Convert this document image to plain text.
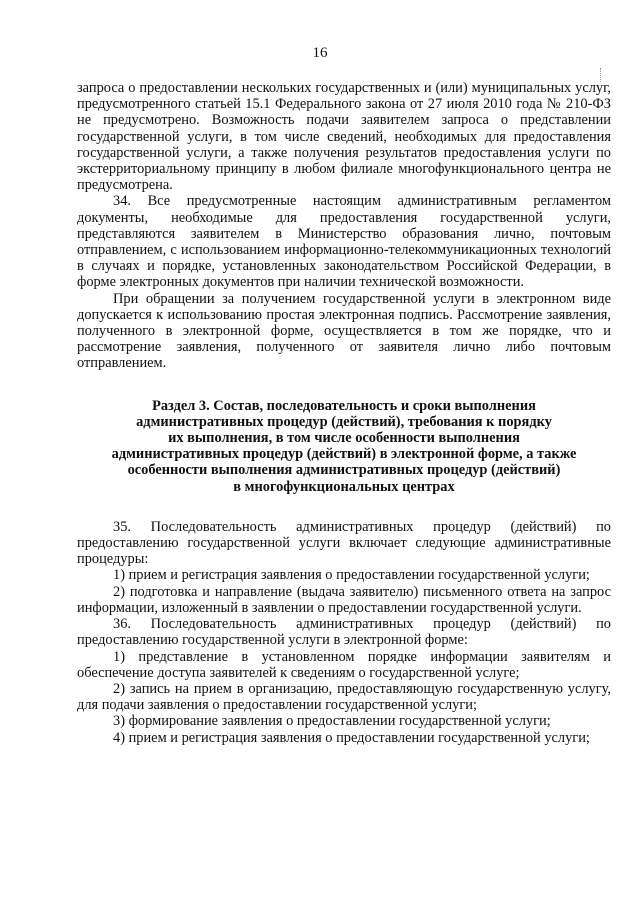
16

запроса о предоставлении нескольких государственных и (или) муниципальных услуг, предусмотренного статьей 15.1 Федерального закона от 27 июля 2010 года № 210-ФЗ не предусмотрено. Возможность подачи заявителем запроса о представлении государственной услуги, в том числе сведений, необходимых для предоставления государственной услуги, а также получения результатов предоставления услуги по экстерриториальному принципу в любом филиале многофункционального центра не предусмотрена.

34. Все предусмотренные настоящим административным регламентом документы, необходимые для предоставления государственной услуги, представляются заявителем в Министерство образования лично, почтовым отправлением, с использованием информационно-телекоммуникационных технологий в случаях и порядке, установленных законодательством Российской Федерации, в форме электронных документов при наличии технической возможности.

При обращении за получением государственной услуги в электронном виде допускается к использованию простая электронная подпись. Рассмотрение заявления, полученного в электронной форме, осуществляется в том же порядке, что и рассмотрение заявления, полученного от заявителя лично либо почтовым отправлением.

Раздел 3. Состав, последовательность и сроки выполнения
административных процедур (действий), требования к порядку
их выполнения, в том числе особенности выполнения
административных процедур (действий) в электронной форме, а также
особенности выполнения административных процедур (действий)
в многофункциональных центрах

35. Последовательность административных процедур (действий) по предоставлению государственной услуги включает следующие административные процедуры:

1) прием и регистрация заявления о предоставлении государственной услуги;

2) подготовка и направление (выдача заявителю) письменного ответа на запрос информации, изложенный в заявлении о предоставлении государственной услуги.

36. Последовательность административных процедур (действий) по предоставлению государственной услуги в электронной форме:

1) представление в установленном порядке информации заявителям и обеспечение доступа заявителей к сведениям о государственной услуге;

2) запись на прием в организацию, предоставляющую государственную услугу, для подачи заявления о предоставлении государственной услуги;

3) формирование заявления о предоставлении государственной услуги;

4) прием и регистрация заявления о предоставлении государственной услуги;
